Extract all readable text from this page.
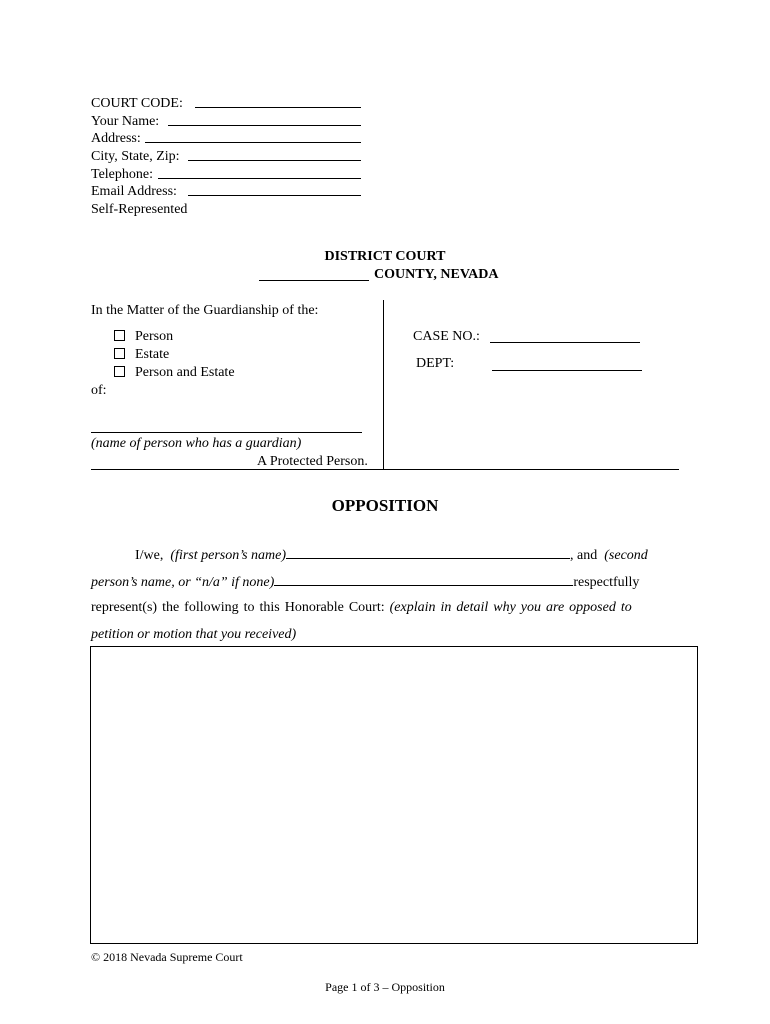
COURT CODE:
Your Name:
Address:
City, State, Zip:
Telephone:
Email Address:
Self-Represented
DISTRICT COURT
COUNTY, NEVADA
In the Matter of the Guardianship of the:
Person
Estate
Person and Estate
of:
(name of person who has a guardian)
A Protected Person.
CASE NO.:
DEPT:
OPPOSITION
I/we, (first person’s name)	, and (second
person’s name, or “n/a” if none)	respectfully
represent(s) the following to this Honorable Court: (explain in detail why you are opposed to
petition or motion that you received)
© 2018 Nevada Supreme Court
Page 1 of 3 – Opposition
